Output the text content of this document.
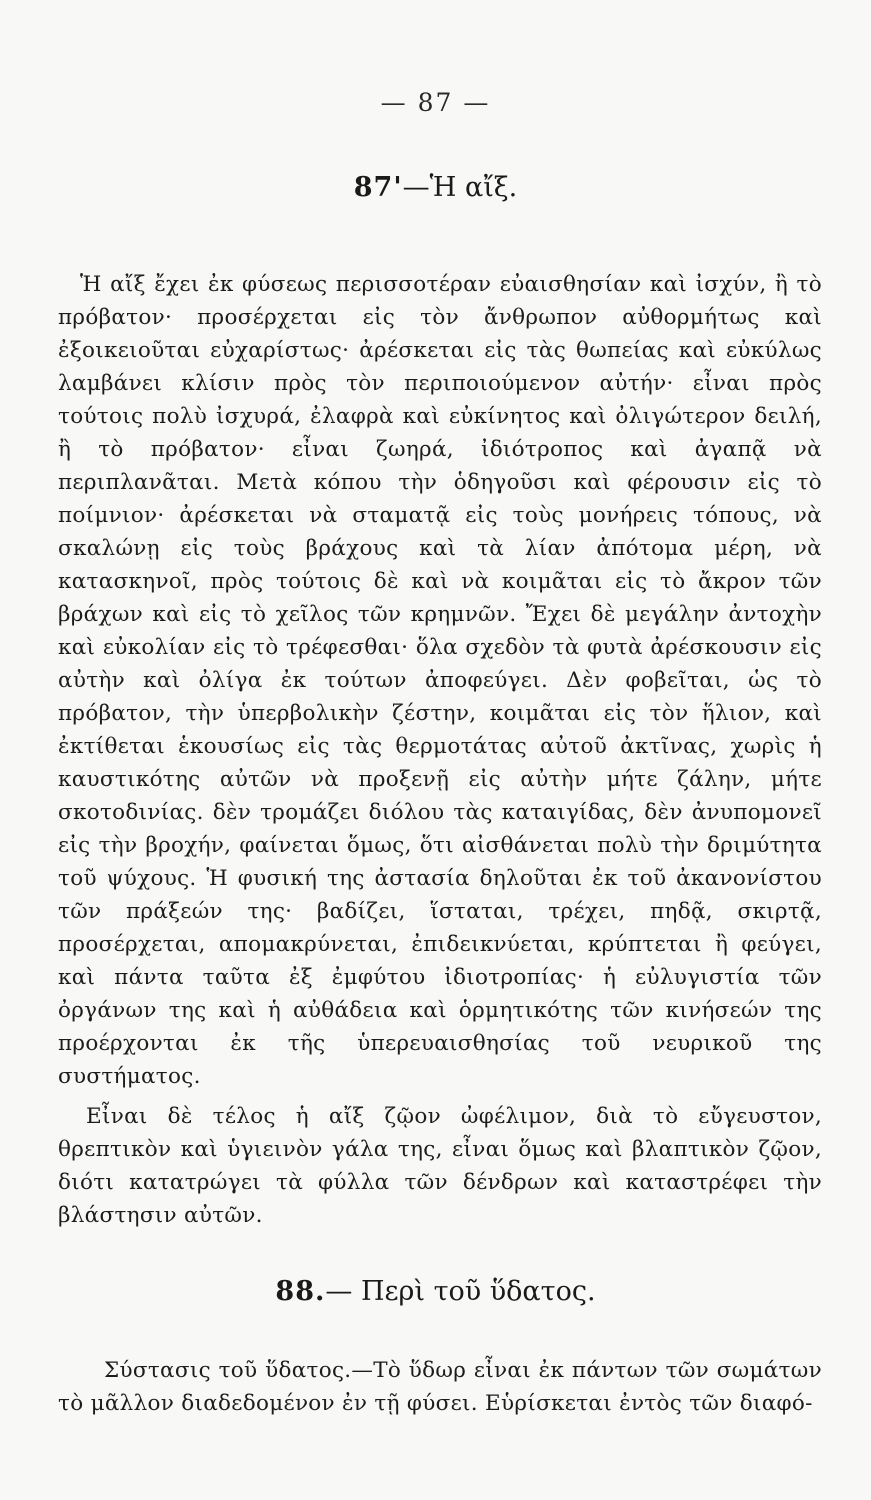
— 87 —
87'—Ἡ αἴξ.

Ἡ αἴξ ἔχει ἐκ φύσεως περισσοτέραν εὐαισθησίαν καὶ ἰσχύν, ἢ τὸ πρόβατον· προσέρχεται εἰς τὸν ἄνθρωπον αὐθορμήτως καὶ ἐξοικειοῦται εὐχαρίστως· ἀρέσκεται εἰς τὰς θωπείας καὶ εὐκύλως λαμβάνει κλίσιν πρὸς τὸν περιποιούμενον αὐτήν· εἶναι πρὸς τούτοις πολὺ ἰσχυρά, ἐλαφρὰ καὶ εὐκίνητος καὶ ὀλιγώτερον δειλή, ἢ τὸ πρόβατον· εἶναι ζωηρά, ἰδιότροπος καὶ ἀγαπᾷ νὰ περιπλανᾶται. Μετὰ κόπου τὴν ὁδηγοῦσι καὶ φέρουσιν εἰς τὸ ποίμνιον· ἀρέσκεται νὰ σταματᾷ εἰς τοὺς μονήρεις τόπους, νὰ σκαλώνῃ εἰς τοὺς βράχους καὶ τὰ λίαν ἀπότομα μέρη, νὰ κατασκηνοῖ, πρὸς τούτοις δὲ καὶ νὰ κοιμᾶται εἰς τὸ ἄκρον τῶν βράχων καὶ εἰς τὸ χεῖλος τῶν κρημνῶν. Ἔχει δὲ μεγάλην ἀντοχὴν καὶ εὐκολίαν εἰς τὸ τρέφεσθαι· ὅλα σχεδὸν τὰ φυτὰ ἀρέσκουσιν εἰς αὐτὴν καὶ ὀλίγα ἐκ τούτων ἀποφεύγει. Δὲν φοβεῖται, ὡς τὸ πρόβατον, τὴν ὑπερβολικὴν ζέστην, κοιμᾶται εἰς τὸν ἥλιον, καὶ ἐκτίθεται ἑκουσίως εἰς τὰς θερμοτάτας αὐτοῦ ἀκτῖνας, χωρὶς ἡ καυστικότης αὐτῶν νὰ προξενῇ εἰς αὐτὴν μήτε ζάλην, μήτε σκοτοδινίας. δὲν τρομάζει διόλου τὰς καταιγίδας, δὲν ἀνυπομονεῖ εἰς τὴν βροχήν, φαίνεται ὅμως, ὅτι αἰσθάνεται πολὺ τὴν δριμύτητα τοῦ ψύχους. Ἡ φυσική της ἀστασία δηλοῦται ἐκ τοῦ ἀκανονίστου τῶν πράξεών της· βαδίζει, ἵσταται, τρέχει, πηδᾷ, σκιρτᾷ, προσέρχεται, απομακρύνεται, ἐπιδεικνύεται, κρύπτεται ἢ φεύγει, καὶ πάντα ταῦτα ἐξ ἐμφύτου ἰδιοτροπίας· ἡ εὐλυγιστία τῶν ὀργάνων της καὶ ἡ αὐθάδεια καὶ ὁρμητικότης τῶν κινήσεών της προέρχονται ἐκ τῆς ὑπερευαισθησίας τοῦ νευρικοῦ της συστήματος.

Εἶναι δὲ τέλος ἡ αἴξ ζῷον ὠφέλιμον, διὰ τὸ εὔγευστον, θρεπτικὸν καὶ ὑγιεινὸν γάλα της, εἶναι ὅμως καὶ βλαπτικὸν ζῷον, διότι κατατρώγει τὰ φύλλα τῶν δένδρων καὶ καταστρέφει τὴν βλάστησιν αὐτῶν.

88.— Περὶ τοῦ ὕδατος.

Σύστασις τοῦ ὕδατος.—Τὸ ὕδωρ εἶναι ἐκ πάντων τῶν σωμάτων τὸ μᾶλλον διαδεδομένον ἐν τῇ φύσει. Εὑρίσκεται ἐντὸς τῶν διαφό-
